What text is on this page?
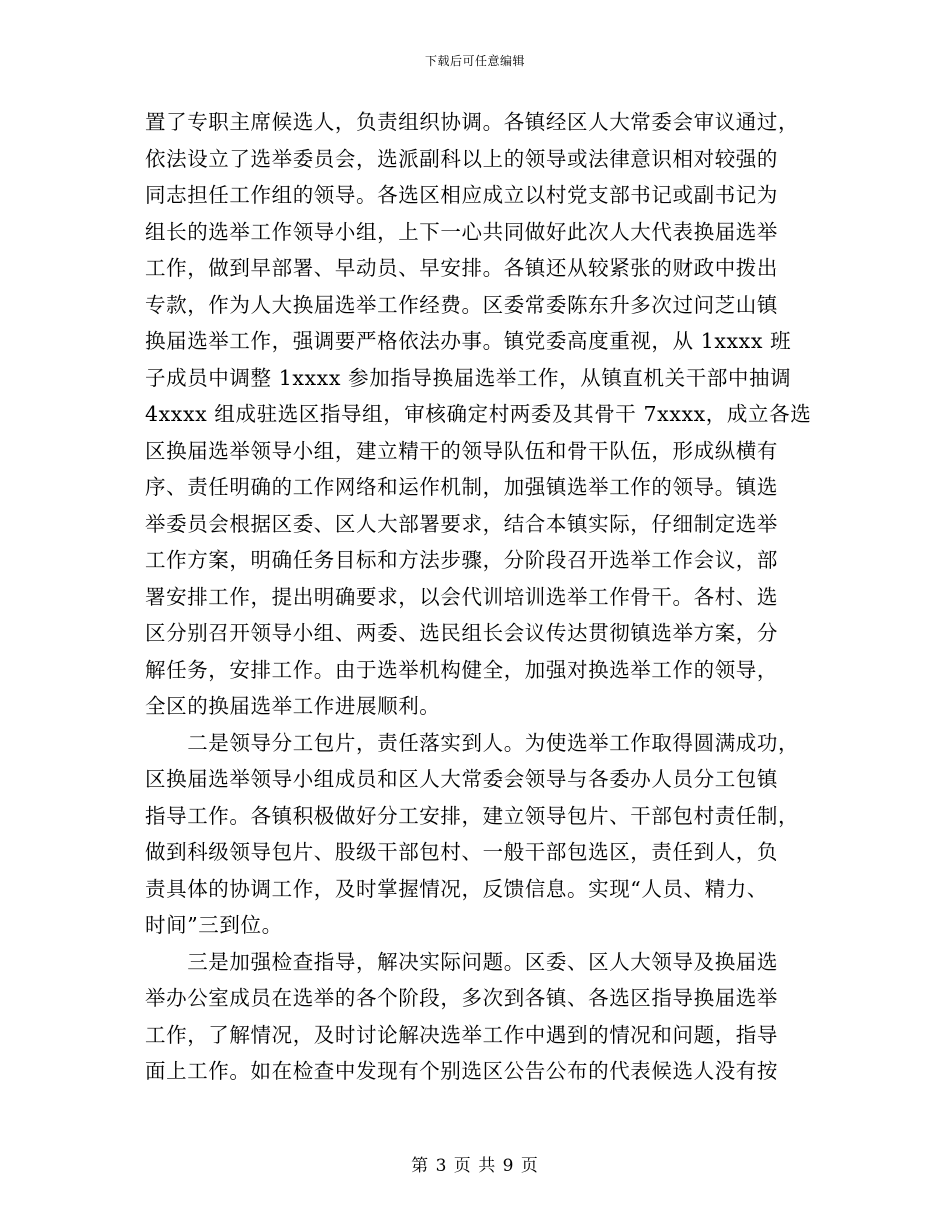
下载后可任意编辑
置了专职主席候选人，负责组织协调。各镇经区人大常委会审议通过，
依法设立了选举委员会，选派副科以上的领导或法律意识相对较强的
同志担任工作组的领导。各选区相应成立以村党支部书记或副书记为
组长的选举工作领导小组，上下一心共同做好此次人大代表换届选举
工作，做到早部署、早动员、早安排。各镇还从较紧张的财政中拨出
专款，作为人大换届选举工作经费。区委常委陈东升多次过问芝山镇
换届选举工作，强调要严格依法办事。镇党委高度重视，从 1xxxx 班
子成员中调整 1xxxx 参加指导换届选举工作，从镇直机关干部中抽调
4xxxx 组成驻选区指导组，审核确定村两委及其骨干 7xxxx，成立各选
区换届选举领导小组，建立精干的领导队伍和骨干队伍，形成纵横有
序、责任明确的工作网络和运作机制，加强镇选举工作的领导。镇选
举委员会根据区委、区人大部署要求，结合本镇实际，仔细制定选举
工作方案，明确任务目标和方法步骤，分阶段召开选举工作会议，部
署安排工作，提出明确要求，以会代训培训选举工作骨干。各村、选
区分别召开领导小组、两委、选民组长会议传达贯彻镇选举方案，分
解任务，安排工作。由于选举机构健全，加强对换选举工作的领导，
全区的换届选举工作进展顺利。
　　二是领导分工包片，责任落实到人。为使选举工作取得圆满成功，
区换届选举领导小组成员和区人大常委会领导与各委办人员分工包镇
指导工作。各镇积极做好分工安排，建立领导包片、干部包村责任制，
做到科级领导包片、股级干部包村、一般干部包选区，责任到人，负
责具体的协调工作，及时掌握情况，反馈信息。实现“人员、精力、
时间”三到位。
　　三是加强检查指导，解决实际问题。区委、区人大领导及换届选
举办公室成员在选举的各个阶段，多次到各镇、各选区指导换届选举
工作，了解情况，及时讨论解决选举工作中遇到的情况和问题，指导
面上工作。如在检查中发现有个别选区公告公布的代表候选人没有按
第 3 页 共 9 页
